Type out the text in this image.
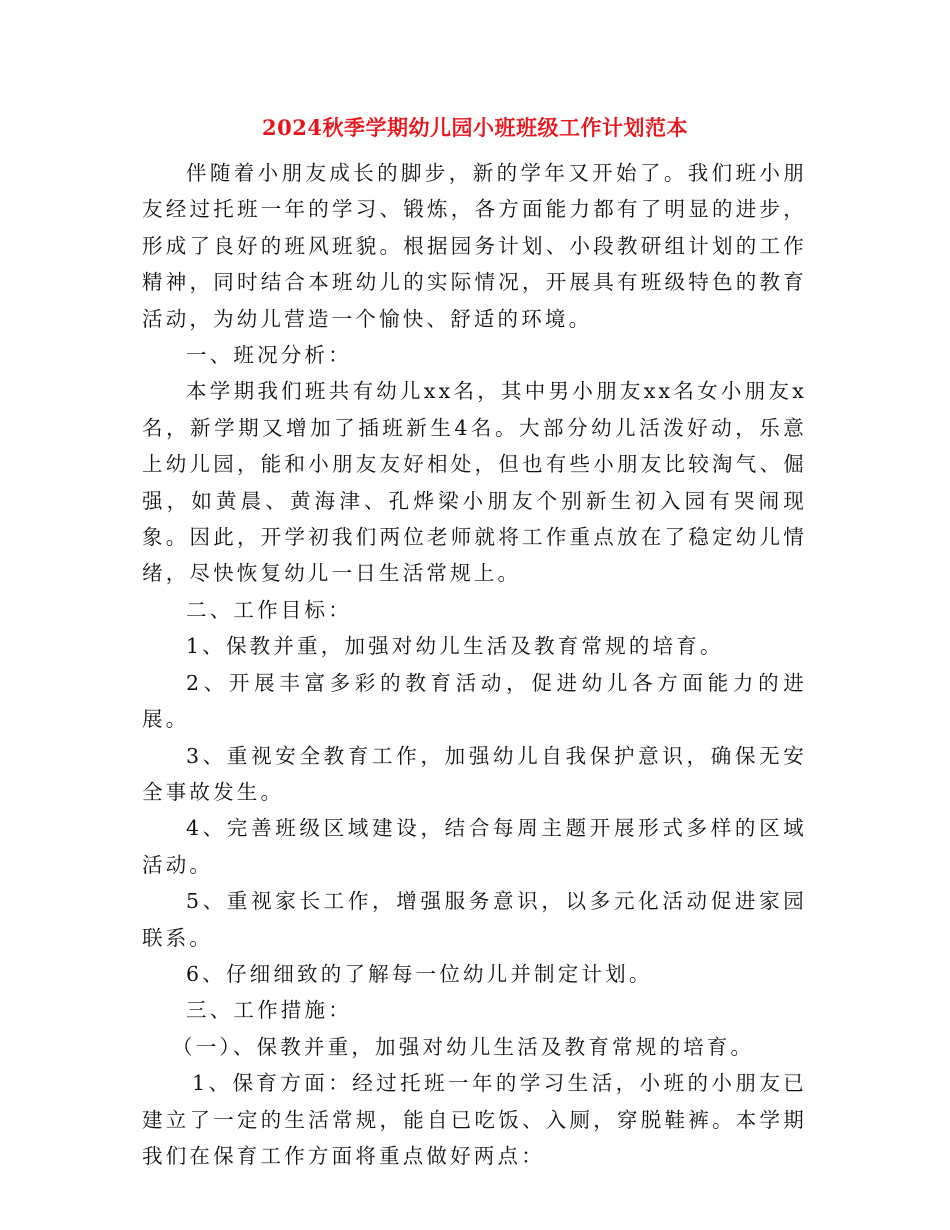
2024秋季学期幼儿园小班班级工作计划范本

伴随着小朋友成长的脚步，新的学年又开始了。我们班小朋友经过托班一年的学习、锻炼，各方面能力都有了明显的进步，形成了良好的班风班貌。根据园务计划、小段教研组计划的工作精神，同时结合本班幼儿的实际情况，开展具有班级特色的教育活动，为幼儿营造一个愉快、舒适的环境。

一、班况分析：

本学期我们班共有幼儿xx名，其中男小朋友xx名女小朋友x名，新学期又增加了插班新生4名。大部分幼儿活泼好动，乐意上幼儿园，能和小朋友友好相处，但也有些小朋友比较淘气、倔强，如黄晨、黄海津、孔烨梁小朋友个别新生初入园有哭闹现象。因此，开学初我们两位老师就将工作重点放在了稳定幼儿情绪，尽快恢复幼儿一日生活常规上。

二、工作目标：

1、保教并重，加强对幼儿生活及教育常规的培育。

2、开展丰富多彩的教育活动，促进幼儿各方面能力的进展。

3、重视安全教育工作，加强幼儿自我保护意识，确保无安全事故发生。

4、完善班级区域建设，结合每周主题开展形式多样的区域活动。

5、重视家长工作，增强服务意识，以多元化活动促进家园联系。

6、仔细细致的了解每一位幼儿并制定计划。

三、工作措施：

（一）、保教并重，加强对幼儿生活及教育常规的培育。

1、保育方面：经过托班一年的学习生活，小班的小朋友已建立了一定的生活常规，能自已吃饭、入厕，穿脱鞋裤。本学期我们在保育工作方面将重点做好两点：
